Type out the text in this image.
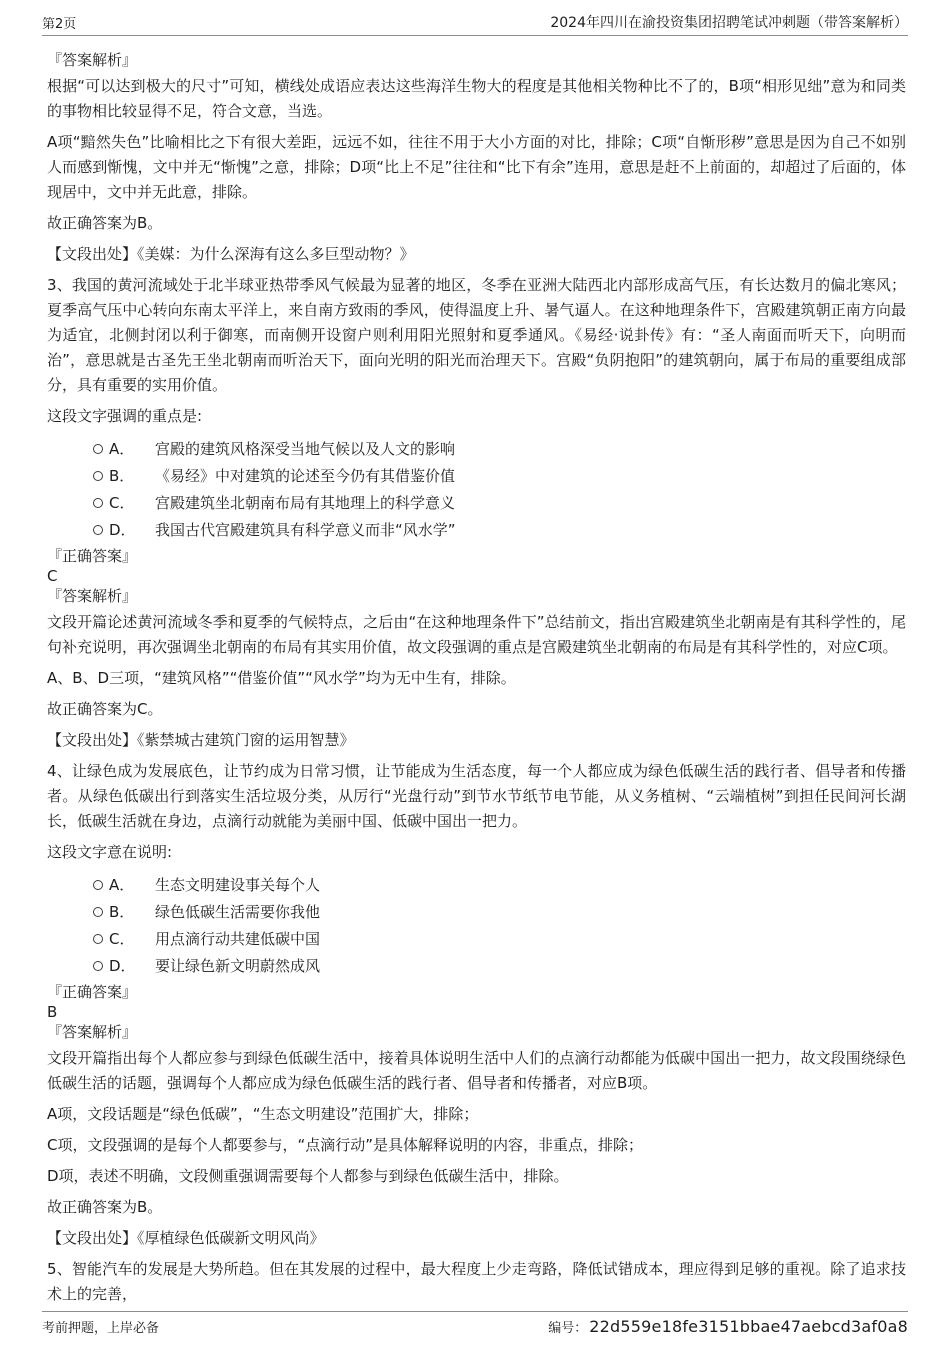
第2页	2024年四川在渝投资集团招聘笔试冲刺题（带答案解析）

『答案解析』

根据“可以达到极大的尺寸”可知，横线处成语应表达这些海洋生物大的程度是其他相关物种比不了的，B项“相形见绌”意为和同类的事物相比较显得不足，符合文意，当选。

A项“黯然失色”比喻相比之下有很大差距，远远不如，往往不用于大小方面的对比，排除；C项“自惭形秽”意思是因为自己不如别人而感到惭愧，文中并无“惭愧”之意，排除；D项“比上不足”往往和“比下有余”连用，意思是赶不上前面的，却超过了后面的，体现居中，文中并无此意，排除。

故正确答案为B。

【文段出处】《美媒：为什么深海有这么多巨型动物？》

3、我国的黄河流域处于北半球亚热带季风气候最为显著的地区，冬季在亚洲大陆西北内部形成高气压，有长达数月的偏北寒风；夏季高气压中心转向东南太平洋上，来自南方致雨的季风，使得温度上升、暑气逼人。在这种地理条件下，宫殿建筑朝正南方向最为适宜，北侧封闭以利于御寒，而南侧开设窗户则利用阳光照射和夏季通风。《易经·说卦传》有：“圣人南面而听天下，向明而治”，意思就是古圣先王坐北朝南而听治天下，面向光明的阳光而治理天下。宫殿“负阴抱阳”的建筑朝向，属于布局的重要组成部分，具有重要的实用价值。

这段文字强调的重点是:

A．	宫殿的建筑风格深受当地气候以及人文的影响
B．	《易经》中对建筑的论述至今仍有其借鉴价值
C．	宫殿建筑坐北朝南布局有其地理上的科学意义
D．	我国古代宫殿建筑具有科学意义而非“风水学”

『正确答案』

C

『答案解析』

文段开篇论述黄河流域冬季和夏季的气候特点，之后由“在这种地理条件下”总结前文，指出宫殿建筑坐北朝南是有其科学性的，尾句补充说明，再次强调坐北朝南的布局有其实用价值，故文段强调的重点是宫殿建筑坐北朝南的布局是有其科学性的，对应C项。

A、B、D三项，“建筑风格”“借鉴价值”“风水学”均为无中生有，排除。

故正确答案为C。

【文段出处】《紫禁城古建筑门窗的运用智慧》

4、让绿色成为发展底色，让节约成为日常习惯，让节能成为生活态度，每一个人都应成为绿色低碳生活的践行者、倡导者和传播者。从绿色低碳出行到落实生活垃圾分类，从厉行“光盘行动”到节水节纸节电节能，从义务植树、“云端植树”到担任民间河长湖长，低碳生活就在身边，点滴行动就能为美丽中国、低碳中国出一把力。

这段文字意在说明:

A．	生态文明建设事关每个人
B．	绿色低碳生活需要你我他
C．	用点滴行动共建低碳中国
D．	要让绿色新文明蔚然成风

『正确答案』

B

『答案解析』

文段开篇指出每个人都应参与到绿色低碳生活中，接着具体说明生活中人们的点滴行动都能为低碳中国出一把力，故文段围绕绿色低碳生活的话题，强调每个人都应成为绿色低碳生活的践行者、倡导者和传播者，对应B项。

A项，文段话题是“绿色低碳”，“生态文明建设”范围扩大，排除；

C项，文段强调的是每个人都要参与，“点滴行动”是具体解释说明的内容，非重点，排除；

D项，表述不明确，文段侧重强调需要每个人都参与到绿色低碳生活中，排除。

故正确答案为B。

【文段出处】《厚植绿色低碳新文明风尚》

5、智能汽车的发展是大势所趋。但在其发展的过程中，最大程度上少走弯路，降低试错成本，理应得到足够的重视。除了追求技术上的完善，

考前押题，上岸必备	编号： 22d559e18fe3151bbae47aebcd3af0a8
